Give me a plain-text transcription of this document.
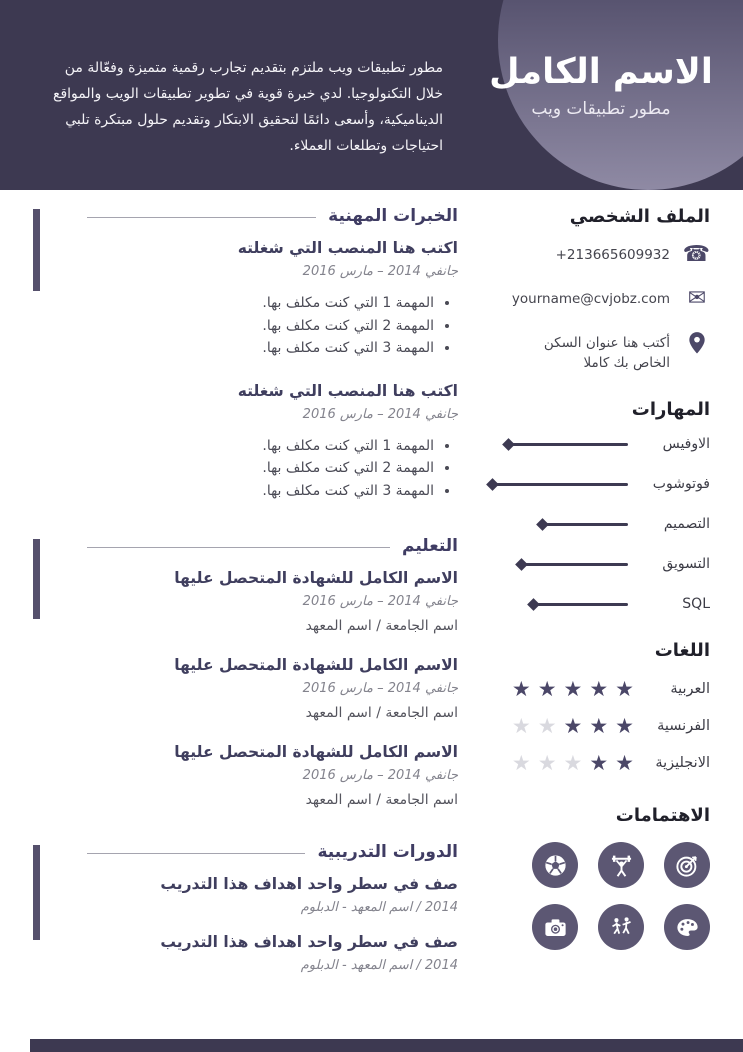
الاسم الكامل
مطور تطبيقات ويب
مطور تطبيقات ويب ملتزم بتقديم تجارب رقمية متميزة وفعّالة من خلال التكنولوجيا. لدي خبرة قوية في تطوير تطبيقات الويب والمواقع الديناميكية، وأسعى دائمًا لتحقيق الابتكار وتقديم حلول مبتكرة تلبي احتياجات وتطلعات العملاء.
الخبرات المهنية
اكتب هنا المنصب التي شغلته
جانفي 2014 – مارس 2016
• المهمة 1 التي كنت مكلف بها.
• المهمة 2 التي كنت مكلف بها.
• المهمة 3 التي كنت مكلف بها.
اكتب هنا المنصب التي شغلته
جانفي 2014 – مارس 2016
• المهمة 1 التي كنت مكلف بها.
• المهمة 2 التي كنت مكلف بها.
• المهمة 3 التي كنت مكلف بها.
التعليم
الاسم الكامل للشهادة المتحصل عليها
جانفي 2014 – مارس 2016
اسم الجامعة / اسم المعهد
الاسم الكامل للشهادة المتحصل عليها
جانفي 2014 – مارس 2016
اسم الجامعة / اسم المعهد
الاسم الكامل للشهادة المتحصل عليها
جانفي 2014 – مارس 2016
اسم الجامعة / اسم المعهد
الدورات التدريبية
صف في سطر واحد اهداف هذا التدريب
2014 / اسم المعهد - الدبلوم
صف في سطر واحد اهداف هذا التدريب
2014 / اسم المعهد - الدبلوم
الملف الشخصي
☎
+213665609932
✉
yourname@cvjobz.com
أكتب هنا عنوان السكن الخاص بك كاملا
المهارات
الاوفيس
فوتوشوب
التصميم
التسويق
SQL
اللغات
العربية
★
★
★
★
★
الفرنسية
★
★
★
★
★
الانجليزية
★
★
★
★
★
الاهتمامات
